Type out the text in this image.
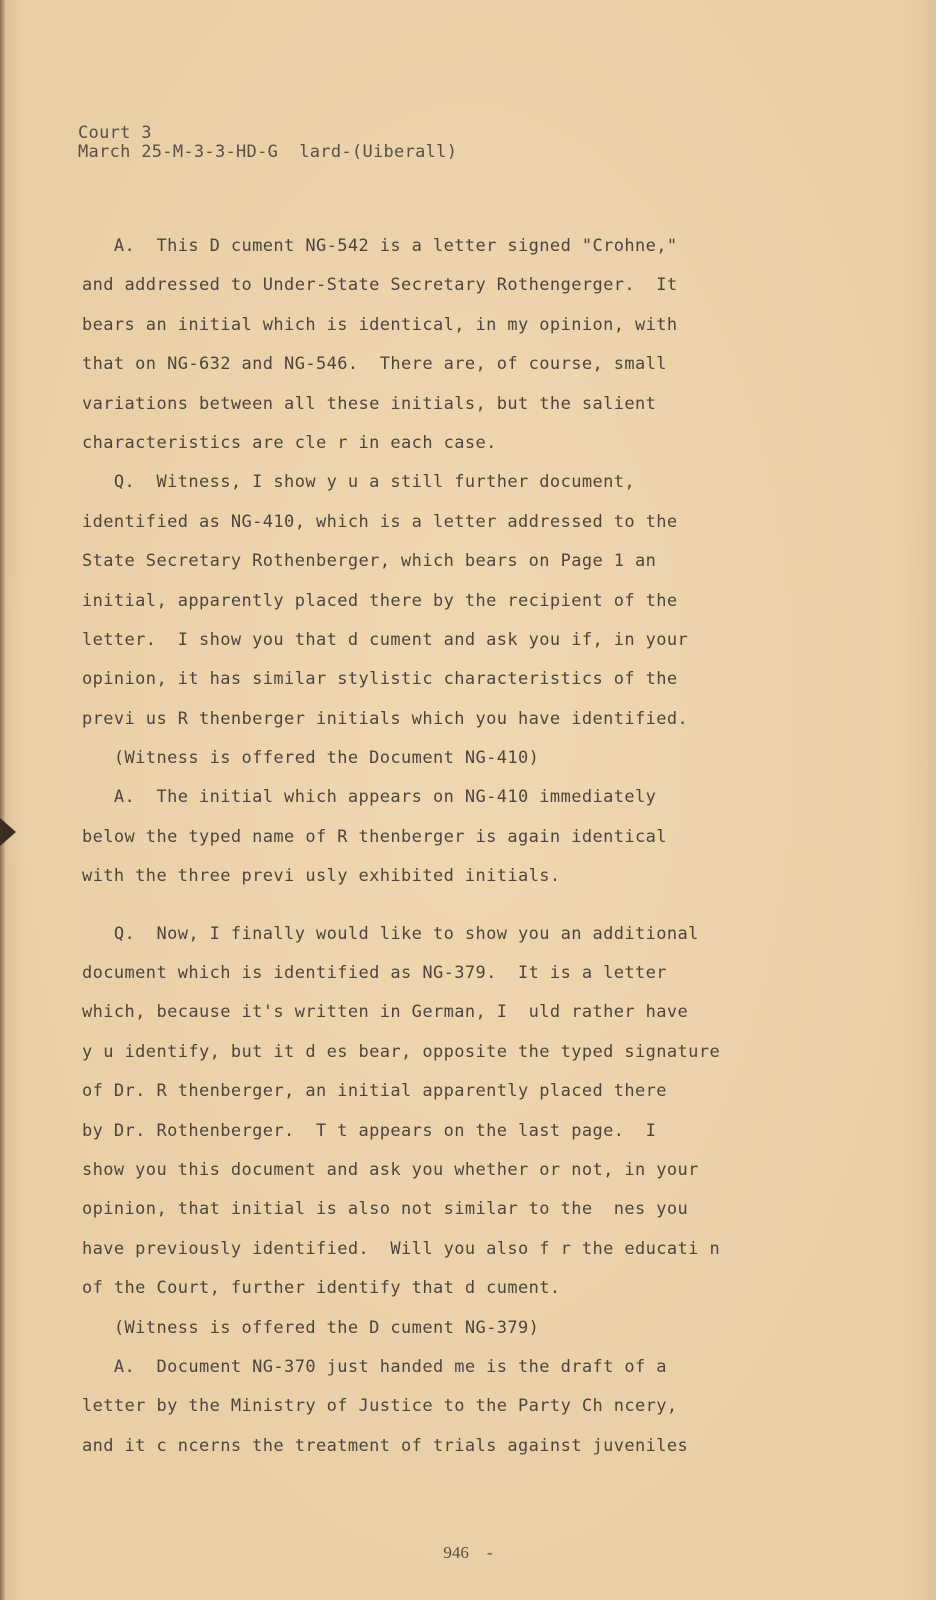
Court 3
March 25-M-3-3-HD-G  lard-(Uiberall)
A.  This D cument NG-542 is a letter signed "Crohne,"
and addressed to Under-State Secretary Rothengerger.  It
bears an initial which is identical, in my opinion, with
that on NG-632 and NG-546.  There are, of course, small
variations between all these initials, but the salient
characteristics are cle r in each case.
Q.  Witness, I show y u a still further document,
identified as NG-410, which is a letter addressed to the
State Secretary Rothenberger, which bears on Page 1 an
initial, apparently placed there by the recipient of the
letter.  I show you that d cument and ask you if, in your
opinion, it has similar stylistic characteristics of the
previ us R thenberger initials which you have identified.
(Witness is offered the Document NG-410)
A.  The initial which appears on NG-410 immediately
below the typed name of R thenberger is again identical
with the three previ usly exhibited initials.
Q.  Now, I finally would like to show you an additional
document which is identified as NG-379.  It is a letter
which, because it's written in German, I  uld rather have
y u identify, but it d es bear, opposite the typed signature
of Dr. R thenberger, an initial apparently placed there
by Dr. Rothenberger.  T t appears on the last page.  I
show you this document and ask you whether or not, in your
opinion, that initial is also not similar to the  nes you
have previously identified.  Will you also f r the educati n
of the Court, further identify that d cument.
(Witness is offered the D cument NG-379)
A.  Document NG-370 just handed me is the draft of a
letter by the Ministry of Justice to the Party Ch ncery,
and it c ncerns the treatment of trials against juveniles
946 -
